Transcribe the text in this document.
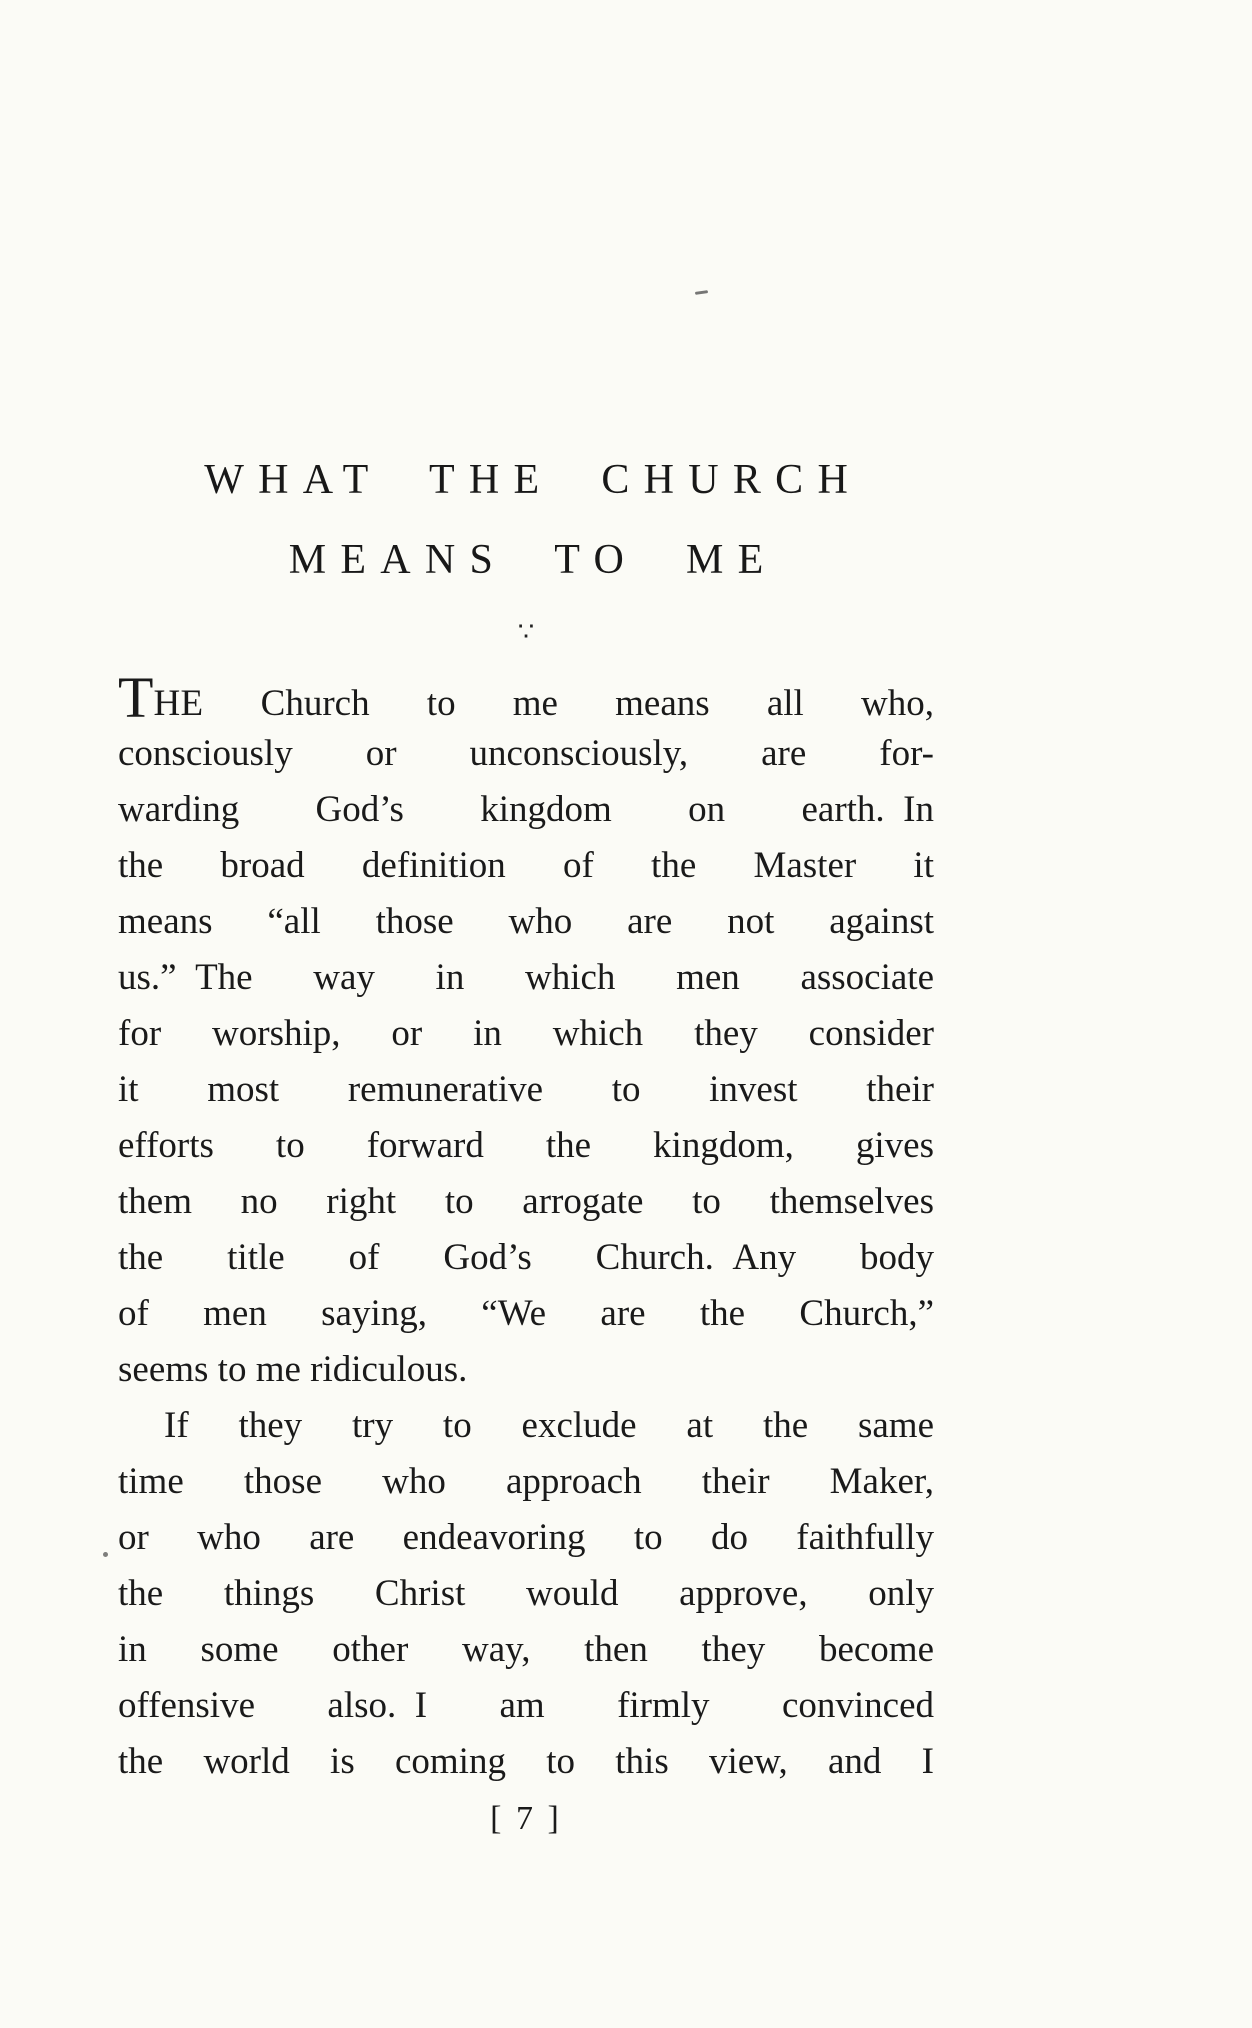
WHAT THE CHURCH
MEANS TO ME
∵
THE Church to me means all who,
consciously or unconsciously, are for-
warding God’s kingdom on earth. In
the broad definition of the Master it
means “all those who are not against
us.” The way in which men associate
for worship, or in which they consider
it most remunerative to invest their
efforts to forward the kingdom, gives
them no right to arrogate to themselves
the title of God’s Church. Any body
of men saying, “We are the Church,”
seems to me ridiculous.
If they try to exclude at the same
time those who approach their Maker,
or who are endeavoring to do faithfully
the things Christ would approve, only
in some other way, then they become
offensive also. I am firmly convinced
the world is coming to this view, and I
[ 7 ]
